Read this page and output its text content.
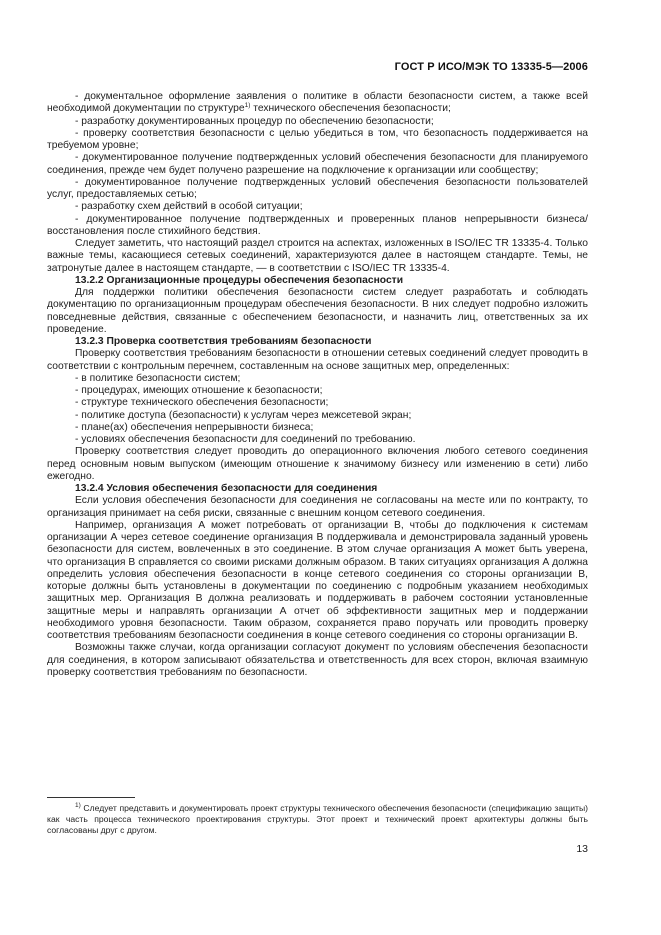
ГОСТ Р ИСО/МЭК ТО 13335-5—2006

- документальное оформление заявления о политике в области безопасности систем, а также всей необходимой документации по структуре$^{1)}$ технического обеспечения безопасности;

- разработку документированных процедур по обеспечению безопасности;

- проверку соответствия безопасности с целью убедиться в том, что безопасность поддерживается на требуемом уровне;

- документированное получение подтвержденных условий обеспечения безопасности для планируемого соединения, прежде чем будет получено разрешение на подключение к организации или сообществу;

- документированное получение подтвержденных условий обеспечения безопасности пользователей услуг, предоставляемых сетью;

- разработку схем действий в особой ситуации;

- документированное получение подтвержденных и проверенных планов непрерывности бизнеса/восстановления после стихийного бедствия.

Следует заметить, что настоящий раздел строится на аспектах, изложенных в ISO/IEC TR 13335-4. Только важные темы, касающиеся сетевых соединений, характеризуются далее в настоящем стандарте. Темы, не затронутые далее в настоящем стандарте, — в соответствии с ISO/IEC TR 13335-4.

13.2.2 Организационные процедуры обеспечения безопасности

Для поддержки политики обеспечения безопасности систем следует разработать и соблюдать документацию по организационным процедурам обеспечения безопасности. В них следует подробно изложить повседневные действия, связанные с обеспечением безопасности, и назначить лиц, ответственных за их проведение.

13.2.3 Проверка соответствия требованиям безопасности

Проверку соответствия требованиям безопасности в отношении сетевых соединений следует проводить в соответствии с контрольным перечнем, составленным на основе защитных мер, определенных:

- в политике безопасности систем;

- процедурах, имеющих отношение к безопасности;

- структуре технического обеспечения безопасности;

- политике доступа (безопасности) к услугам через межсетевой экран;

- плане(ах) обеспечения непрерывности бизнеса;

- условиях обеспечения безопасности для соединений по требованию.

Проверку соответствия следует проводить до операционного включения любого сетевого соединения перед основным новым выпуском (имеющим отношение к значимому бизнесу или изменению в сети) либо ежегодно.

13.2.4 Условия обеспечения безопасности для соединения

Если условия обеспечения безопасности для соединения не согласованы на месте или по контракту, то организация принимает на себя риски, связанные с внешним концом сетевого соединения.

Например, организация А может потребовать от организации В, чтобы до подключения к системам организации А через сетевое соединение организация В поддерживала и демонстрировала заданный уровень безопасности для систем, вовлеченных в это соединение. В этом случае организация А может быть уверена, что организация В справляется со своими рисками должным образом. В таких ситуациях организация А должна определить условия обеспечения безопасности в конце сетевого соединения со стороны организации В, которые должны быть установлены в документации по соединению с подробным указанием необходимых защитных мер. Организация В должна реализовать и поддерживать в рабочем состоянии установленные защитные меры и направлять организации А отчет об эффективности защитных мер и поддержании необходимого уровня безопасности. Таким образом, сохраняется право поручать или проводить проверку соответствия требованиям безопасности соединения в конце сетевого соединения со стороны организации В.

Возможны также случаи, когда организации согласуют документ по условиям обеспечения безопасности для соединения, в котором записывают обязательства и ответственность для всех сторон, включая взаимную проверку соответствия требованиям по безопасности.

$^{1)}$ Следует представить и документировать проект структуры технического обеспечения безопасности (спецификацию защиты) как часть процесса технического проектирования структуры. Этот проект и технический проект архитектуры должны быть согласованы друг с другом.

13
